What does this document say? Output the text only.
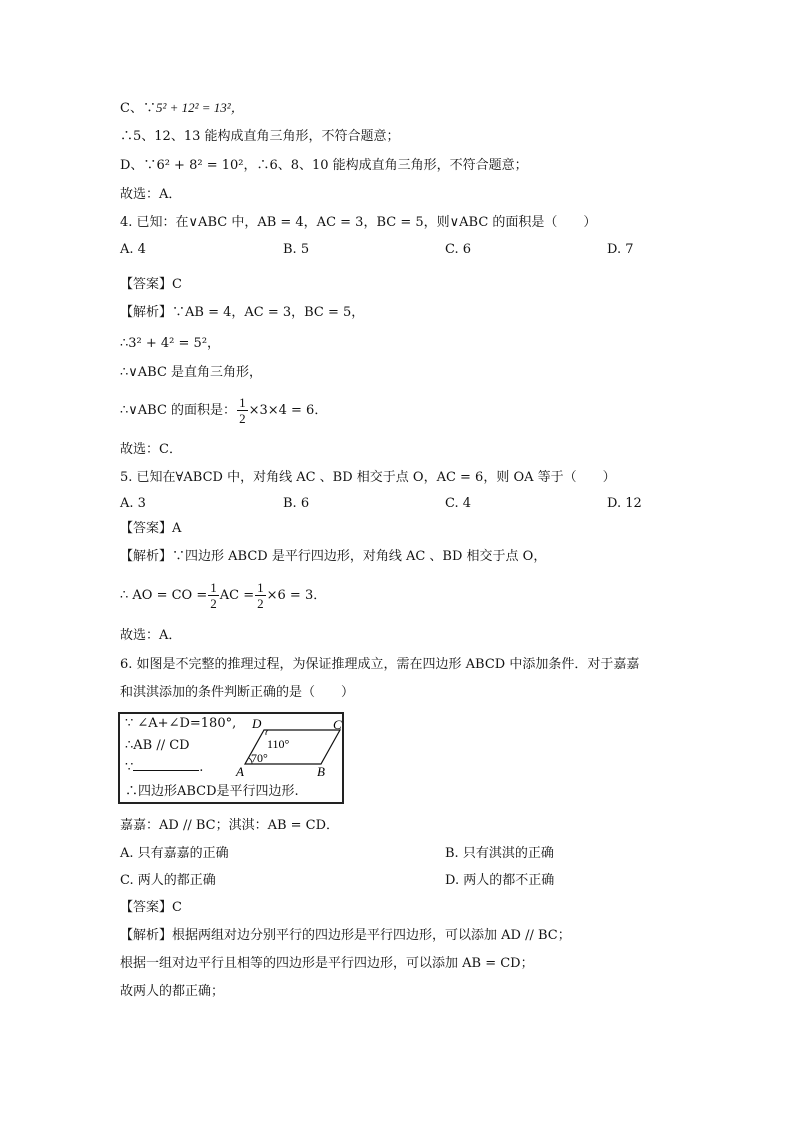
C、∵5² + 12² = 13²，
∴5、12、13 能构成直角三角形，不符合题意；
D、∵6² + 8² = 10²，∴6、8、10 能构成直角三角形，不符合题意；
故选：A．
4. 已知：在∨ABC 中，AB = 4，AC = 3，BC = 5，则∨ABC 的面积是（　　）
A. 4	B. 5	C. 6	D. 7
【答案】C
【解析】∵AB = 4，AC = 3，BC = 5，
∴3² + 4² = 5²，
∴∨ABC 是直角三角形，
∴∨ABC 的面积是： $\frac{1}{2} \times 3\times 4 = 6$．
故选：C．
5. 已知在∀ABCD 中，对角线 AC 、BD 相交于点 O，AC = 6，则 OA 等于（　　）
A. 3	B. 6	C. 4	D. 12
【答案】A
【解析】∵四边形 ABCD 是平行四边形，对角线 AC 、BD 相交于点 O，
∴ AO = CO = $\frac{1}{2}$ AC = $\frac{1}{2} \times 6 = 3$．
故选：A．
6. 如图是不完整的推理过程，为保证推理成立，需在四边形 ABCD 中添加条件．对于嘉嘉
和淇淇添加的条件判断正确的是（　　）
∵ ∠A+∠D=180°,
∴AB // CD
∵	.
∴四边形ABCD是平行四边形.
D	C
A	B
110°
70°
嘉嘉：AD // BC；淇淇：AB = CD．
A. 只有嘉嘉的正确	B. 只有淇淇的正确
C. 两人的都正确	D. 两人的都不正确
【答案】C
【解析】根据两组对边分别平行的四边形是平行四边形，可以添加 AD // BC；
根据一组对边平行且相等的四边形是平行四边形，可以添加 AB = CD；
故两人的都正确；
